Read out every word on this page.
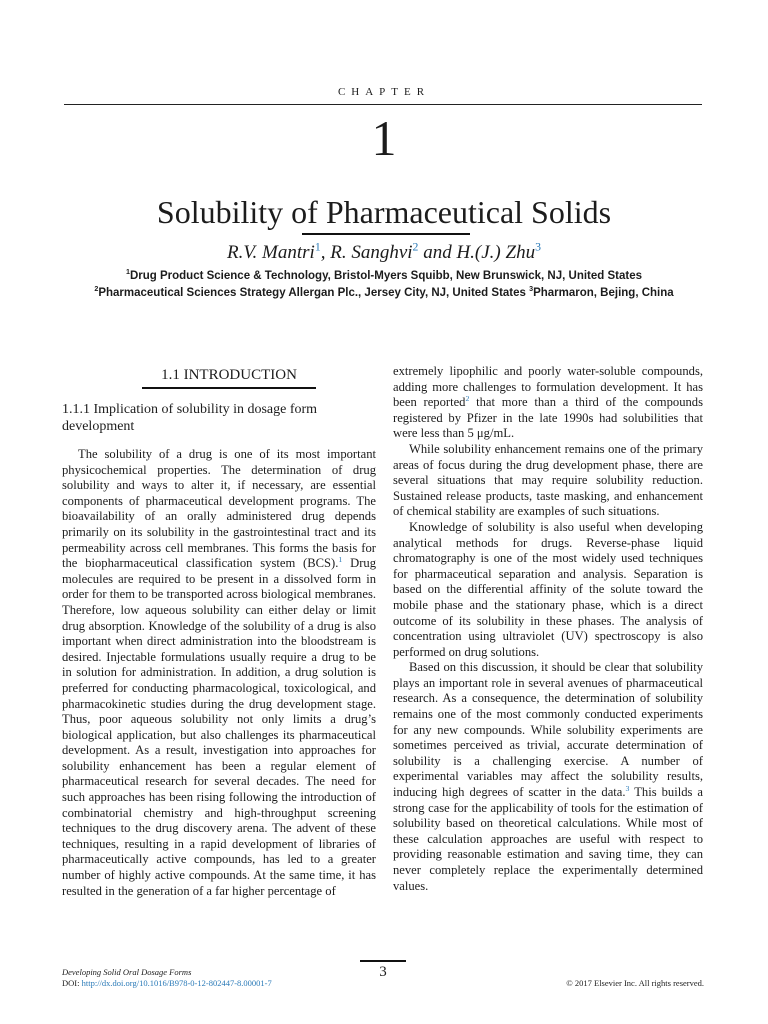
CHAPTER
1
Solubility of Pharmaceutical Solids
R.V. Mantri$^1$, R. Sanghvi$^2$ and H.(J.) Zhu$^3$
$^1$Drug Product Science & Technology, Bristol-Myers Squibb, New Brunswick, NJ, United States $^2$Pharmaceutical Sciences Strategy Allergan Plc., Jersey City, NJ, United States $^3$Pharmaron, Bejing, China
1.1 INTRODUCTION

1.1.1 Implication of solubility in dosage form development

The solubility of a drug is one of its most important physicochemical properties. The determination of drug solubility and ways to alter it, if necessary, are essential components of pharmaceutical development programs. The bioavailability of an orally administered drug depends primarily on its solubility in the gastrointestinal tract and its permeability across cell membranes. This forms the basis for the biopharmaceutical classification system (BCS).$^1$ Drug molecules are required to be present in a dissolved form in order for them to be transported across biological membranes. Therefore, low aqueous solubility can either delay or limit drug absorption. Knowledge of the solubility of a drug is also important when direct administration into the bloodstream is desired. Injectable formulations usually require a drug to be in solution for administration. In addition, a drug solution is preferred for conducting pharmacological, toxicological, and pharmacokinetic studies during the drug development stage. Thus, poor aqueous solubility not only limits a drug’s biological application, but also challenges its pharmaceutical development. As a result, investigation into approaches for solubility enhancement has been a regular element of pharmaceutical research for several decades. The need for such approaches has been rising following the introduction of combinatorial chemistry and high-throughput screening techniques to the drug discovery arena. The advent of these techniques, resulting in a rapid development of libraries of pharmaceutically active compounds, has led to a greater number of highly active compounds. At the same time, it has resulted in the generation of a far higher percentage of

extremely lipophilic and poorly water-soluble compounds, adding more challenges to formulation development. It has been reported$^2$ that more than a third of the compounds registered by Pfizer in the late 1990s had solubilities that were less than 5 μg/mL.

While solubility enhancement remains one of the primary areas of focus during the drug development phase, there are several situations that may require solubility reduction. Sustained release products, taste masking, and enhancement of chemical stability are examples of such situations.

Knowledge of solubility is also useful when developing analytical methods for drugs. Reverse-phase liquid chromatography is one of the most widely used techniques for pharmaceutical separation and analysis. Separation is based on the differential affinity of the solute toward the mobile phase and the stationary phase, which is a direct outcome of its solubility in these phases. The analysis of concentration using ultraviolet (UV) spectroscopy is also performed on drug solutions.

Based on this discussion, it should be clear that solubility plays an important role in several avenues of pharmaceutical research. As a consequence, the determination of solubility remains one of the most commonly conducted experiments for any new compounds. While solubility experiments are sometimes perceived as trivial, accurate determination of solubility is a challenging exercise. A number of experimental variables may affect the solubility results, inducing high degrees of scatter in the data.$^3$ This builds a strong case for the applicability of tools for the estimation of solubility based on theoretical calculations. While most of these calculation approaches are useful with respect to providing reasonable estimation and saving time, they can never completely replace the experimentally determined values.

Developing Solid Oral Dosage Forms
DOI: http://dx.doi.org/10.1016/B978-0-12-802447-8.00001-7
3
© 2017 Elsevier Inc. All rights reserved.
